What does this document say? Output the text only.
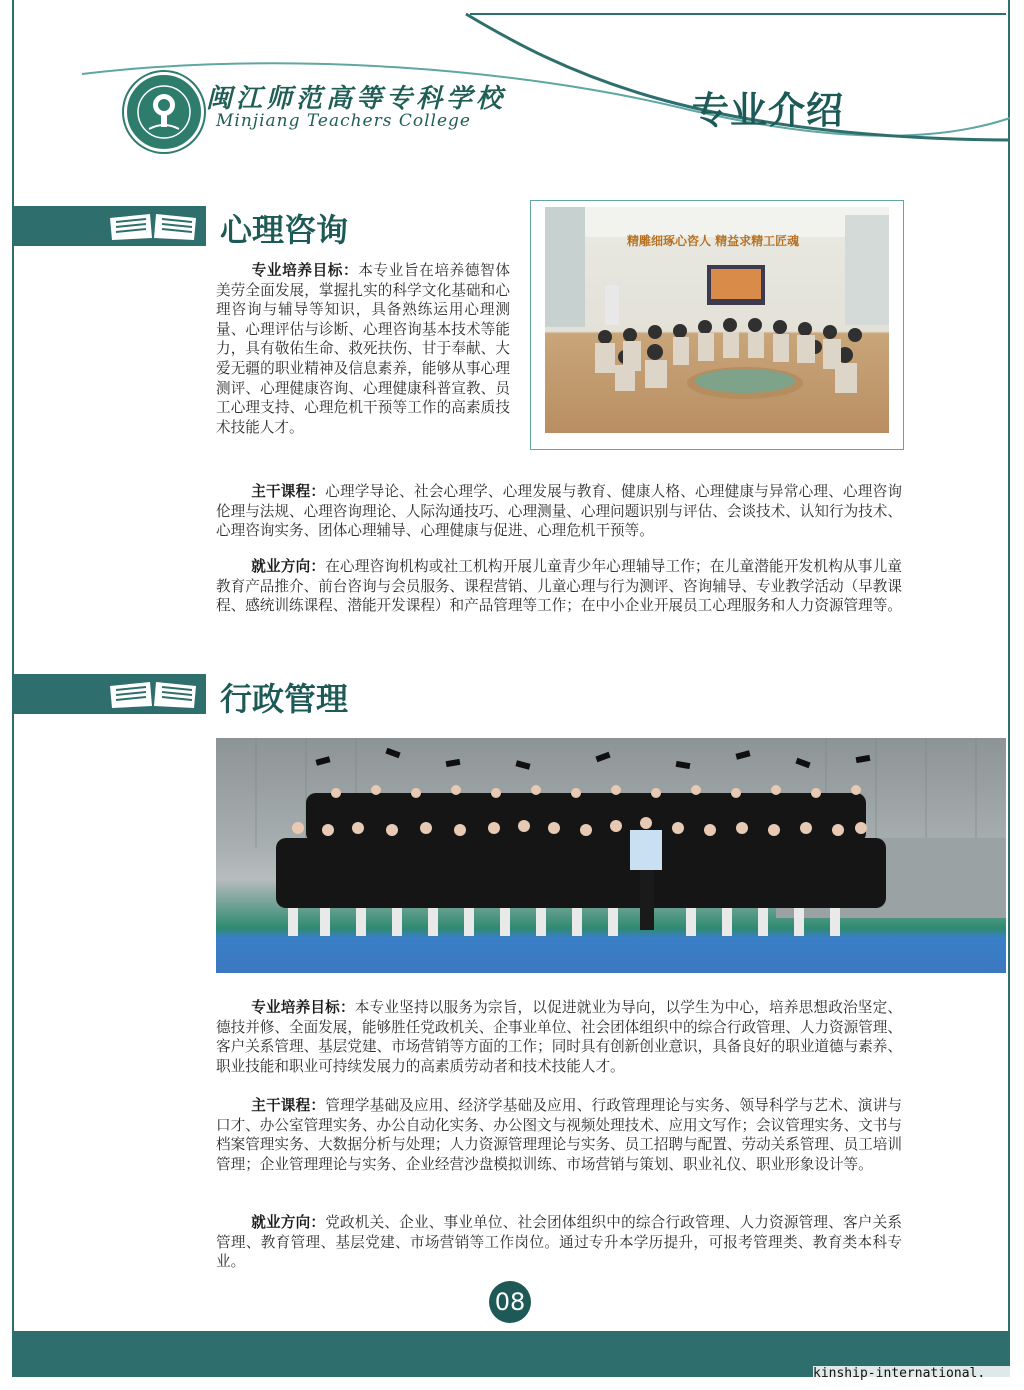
闽江师范高等专科学校
Minjiang Teachers College	专业介绍
心理咨询

专业培养目标：本专业旨在培养德智体美劳全面发展，掌握扎实的科学文化基础和心理咨询与辅导等知识，具备熟练运用心理测量、心理评估与诊断、心理咨询基本技术等能力，具有敬佑生命、救死扶伤、甘于奉献、大爱无疆的职业精神及信息素养，能够从事心理测评、心理健康咨询、心理健康科普宣教、员工心理支持、心理危机干预等工作的高素质技术技能人才。

精雕细琢心咨人 精益求精工匠魂

主干课程：心理学导论、社会心理学、心理发展与教育、健康人格、心理健康与异常心理、心理咨询伦理与法规、心理咨询理论、人际沟通技巧、心理测量、心理问题识别与评估、会谈技术、认知行为技术、心理咨询实务、团体心理辅导、心理健康与促进、心理危机干预等。

就业方向：在心理咨询机构或社工机构开展儿童青少年心理辅导工作；在儿童潜能开发机构从事儿童教育产品推介、前台咨询与会员服务、课程营销、儿童心理与行为测评、咨询辅导、专业教学活动（早教课程、感统训练课程、潜能开发课程）和产品管理等工作；在中小企业开展员工心理服务和人力资源管理等。

行政管理

专业培养目标：本专业坚持以服务为宗旨，以促进就业为导向，以学生为中心，培养思想政治坚定、德技并修、全面发展，能够胜任党政机关、企事业单位、社会团体组织中的综合行政管理、人力资源管理、客户关系管理、基层党建、市场营销等方面的工作；同时具有创新创业意识，具备良好的职业道德与素养、职业技能和职业可持续发展力的高素质劳动者和技术技能人才。

主干课程：管理学基础及应用、经济学基础及应用、行政管理理论与实务、领导科学与艺术、演讲与口才、办公室管理实务、办公自动化实务、办公图文与视频处理技术、应用文写作；会议管理实务、文书与档案管理实务、大数据分析与处理；人力资源管理理论与实务、员工招聘与配置、劳动关系管理、员工培训管理；企业管理理论与实务、企业经营沙盘模拟训练、市场营销与策划、职业礼仪、职业形象设计等。

就业方向：党政机关、企业、事业单位、社会团体组织中的综合行政管理、人力资源管理、客户关系管理、教育管理、基层党建、市场营销等工作岗位。通过专升本学历提升，可报考管理类、教育类本科专业。

08
kinship-international.
